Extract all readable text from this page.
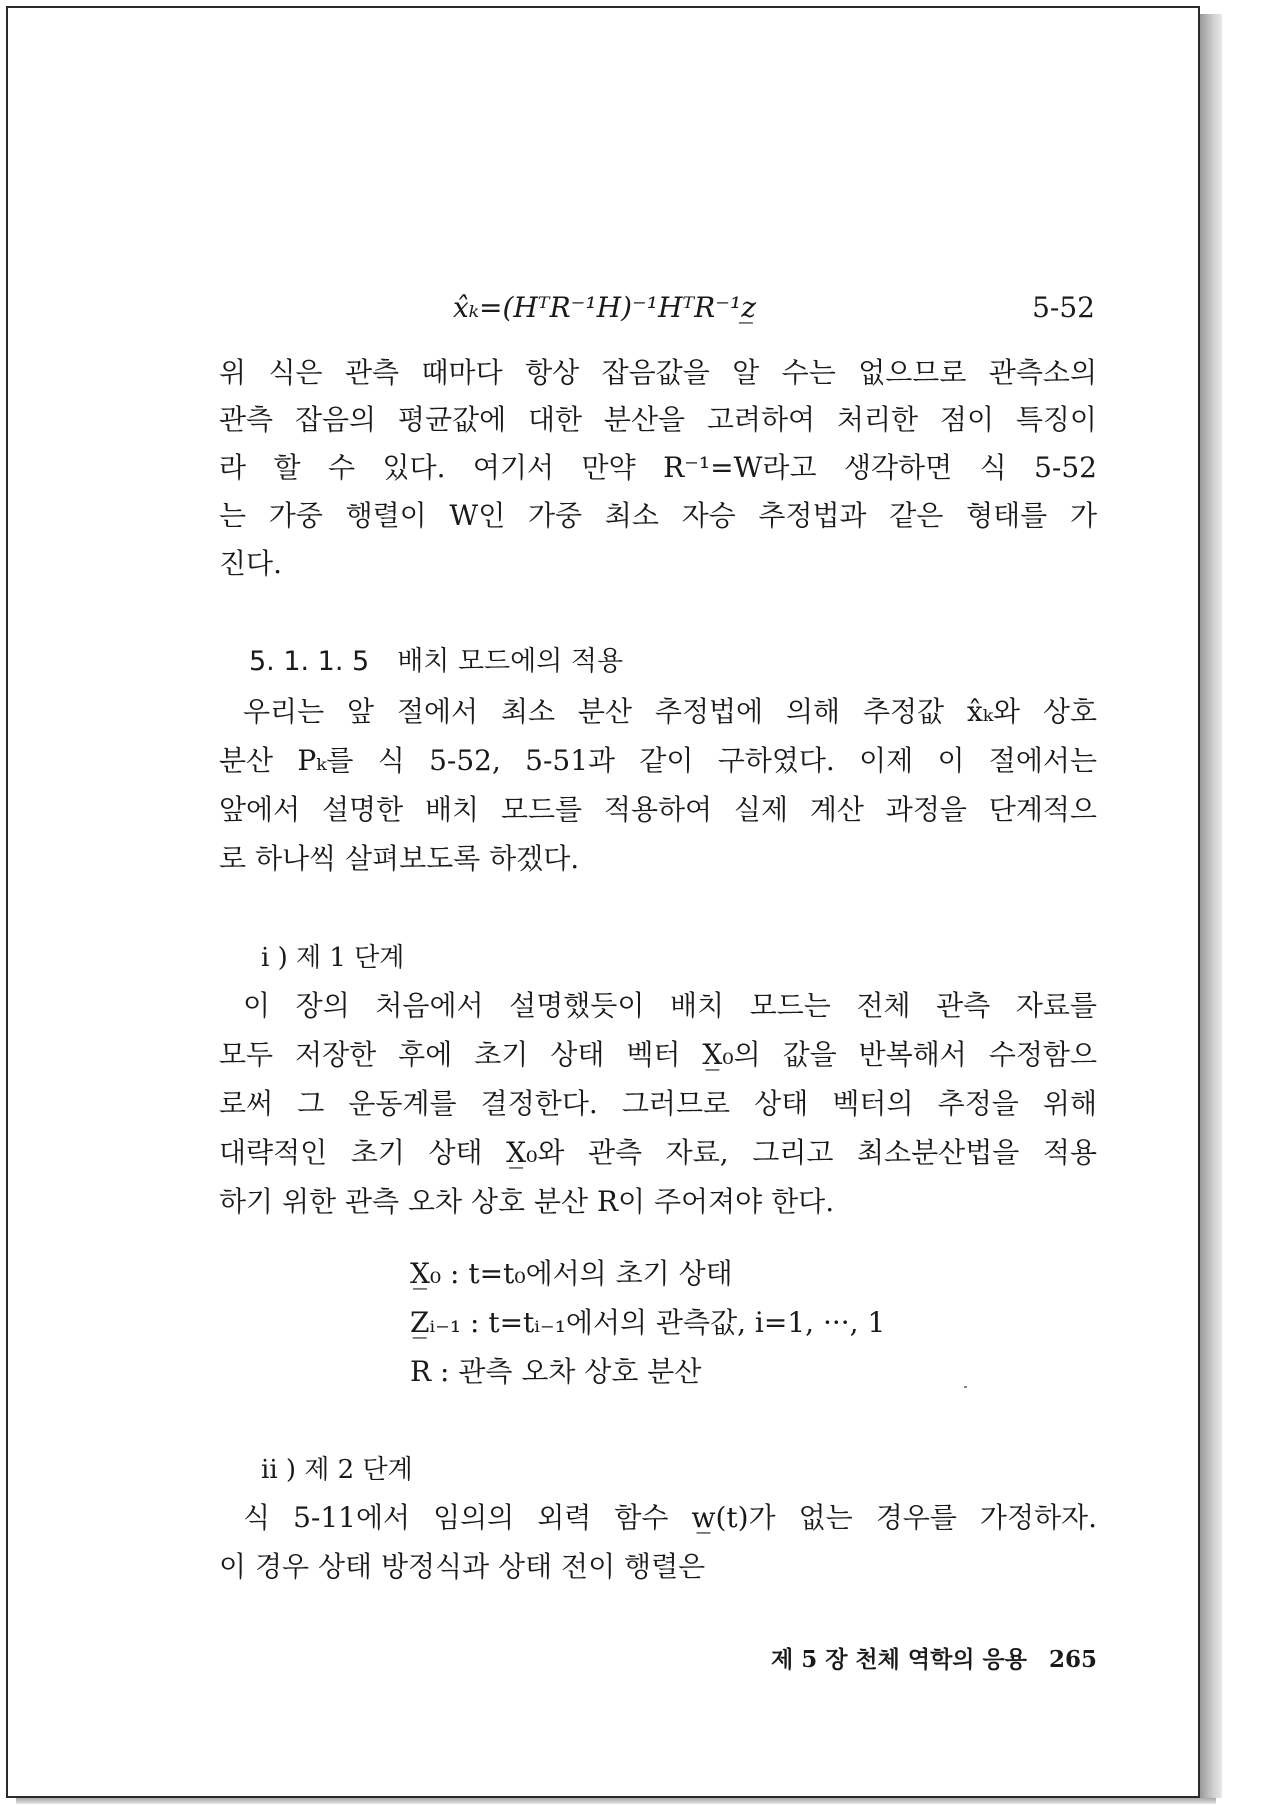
x̂ₖ=(HᵀR⁻¹H)⁻¹HᵀR⁻¹z̲	5-52
위 식은 관측 때마다 항상 잡음값을 알 수는 없으므로 관측소의
관측 잡음의 평균값에 대한 분산을 고려하여 처리한 점이 특징이
라 할 수 있다. 여기서 만약 R⁻¹=W라고 생각하면 식 5-52
는 가중 행렬이 W인 가중 최소 자승 추정법과 같은 형태를 가
진다.
5. 1. 1. 5 배치 모드에의 적용
우리는 앞 절에서 최소 분산 추정법에 의해 추정값 x̂ₖ와 상호
분산 Pₖ를 식 5-52, 5-51과 같이 구하였다. 이제 이 절에서는
앞에서 설명한 배치 모드를 적용하여 실제 계산 과정을 단계적으
로 하나씩 살펴보도록 하겠다.
i ) 제 1 단계
이 장의 처음에서 설명했듯이 배치 모드는 전체 관측 자료를
모두 저장한 후에 초기 상태 벡터 X̲₀의 값을 반복해서 수정함으
로써 그 운동계를 결정한다. 그러므로 상태 벡터의 추정을 위해
대략적인 초기 상태 X̲₀와 관측 자료, 그리고 최소분산법을 적용
하기 위한 관측 오차 상호 분산 R이 주어져야 한다.
X̲₀ : t=t₀에서의 초기 상태
Z̲ᵢ₋₁ : t=tᵢ₋₁에서의 관측값, i=1, ···, 1
R : 관측 오차 상호 분산
ii ) 제 2 단계
식 5-11에서 임의의 외력 함수 w̲(t)가 없는 경우를 가정하자.
이 경우 상태 방정식과 상태 전이 행렬은
제 5 장 천체 역학의 응용 265
